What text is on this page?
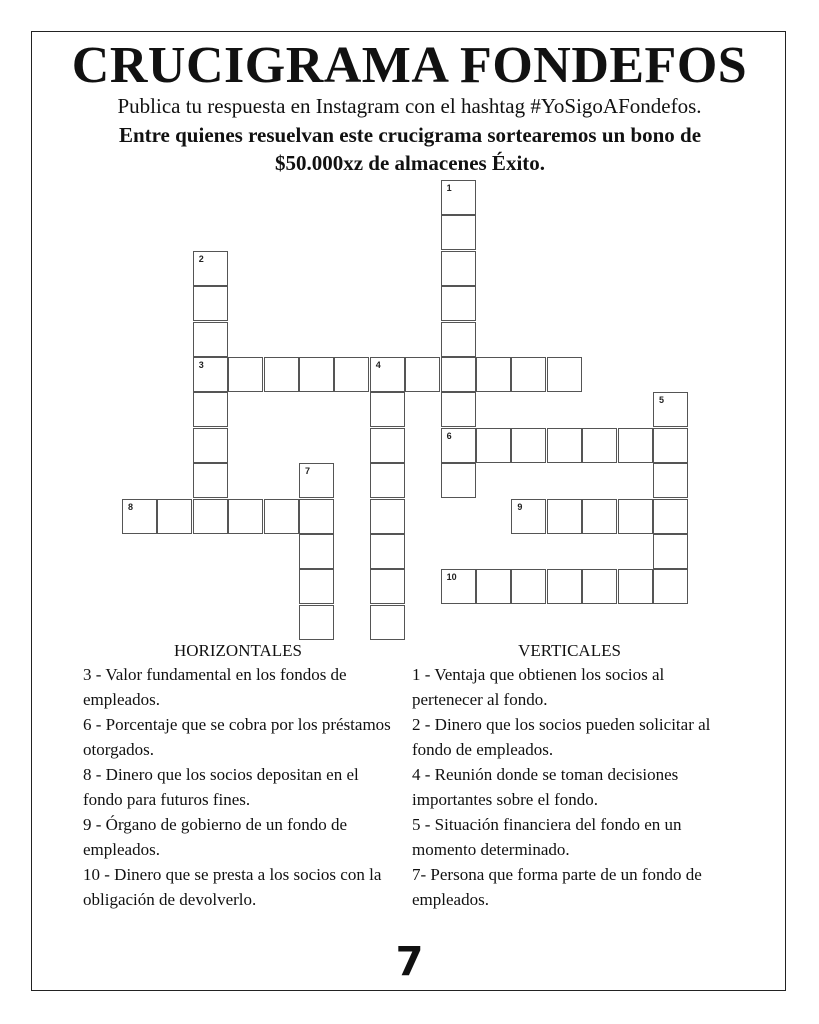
CRUCIGRAMA FONDEFOS
Publica tu respuesta en Instagram con el hashtag #YoSigoAFondefos.
Entre quienes resuelvan este crucigrama sortearemos un bono de $50.000xz de almacenes Éxito.
1
6
2
3	4
5
7
8	9
10
HORIZONTALES

3 - Valor fundamental en los fondos de empleados.

6 - Porcentaje que se cobra por los préstamos otorgados.

8 - Dinero que los socios depositan en el fondo para futuros fines.

9 - Órgano de gobierno de un fondo de empleados.

10 - Dinero que se presta a los socios con la obligación de devolverlo.

VERTICALES

1 - Ventaja que obtienen los socios al pertenecer al fondo.

2 - Dinero que los socios pueden solicitar al fondo de empleados.

4 - Reunión donde se toman decisiones importantes sobre el fondo.

5 - Situación financiera del fondo en un momento determinado.

7- Persona que forma parte de un fondo de empleados.

7
